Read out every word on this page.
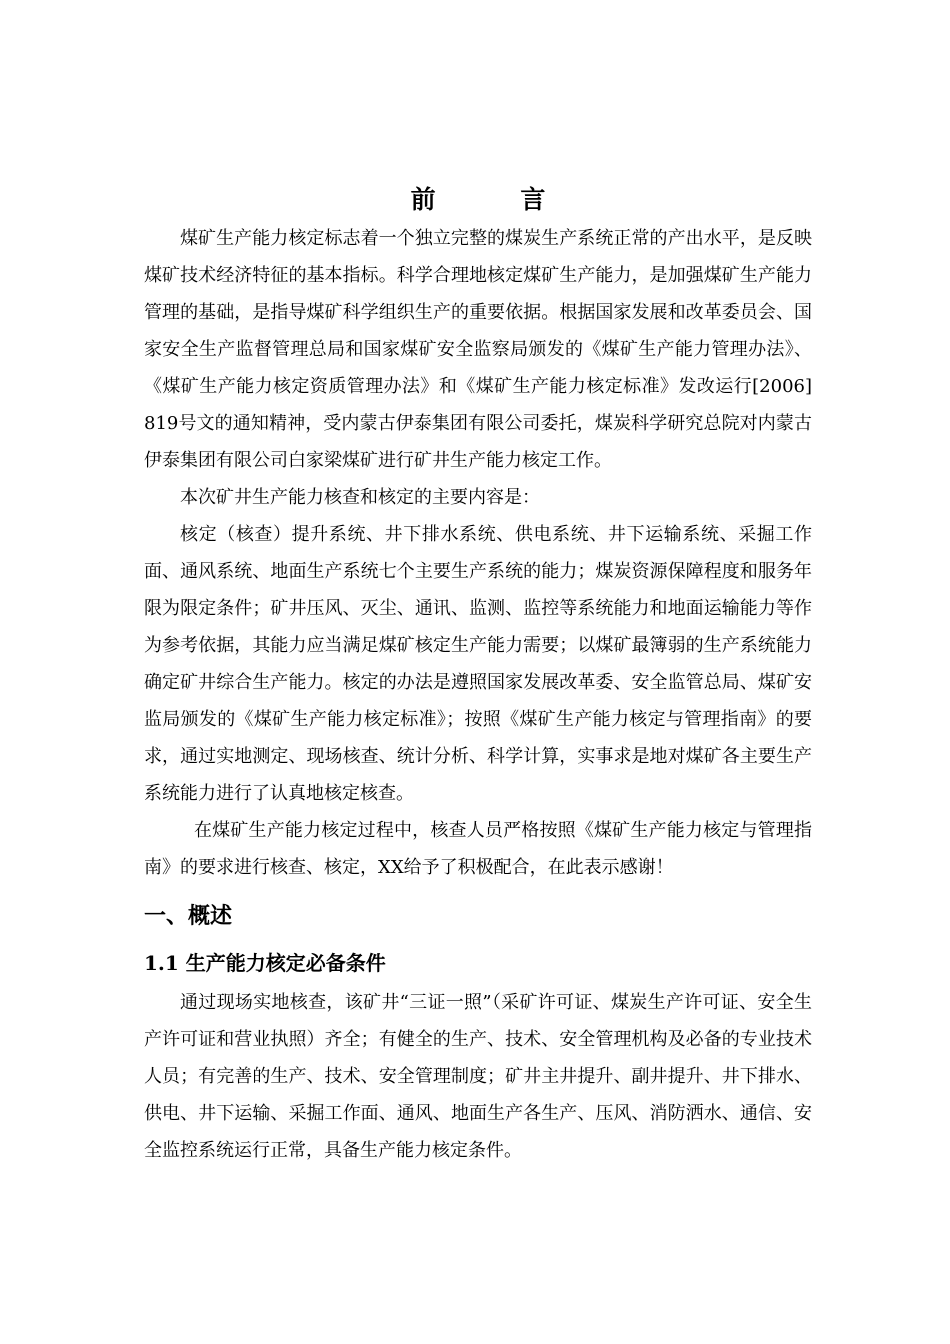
前 言

煤矿生产能力核定标志着一个独立完整的煤炭生产系统正常的产出水平，是反映煤矿技术经济特征的基本指标。科学合理地核定煤矿生产能力，是加强煤矿生产能力管理的基础，是指导煤矿科学组织生产的重要依据。根据国家发展和改革委员会、国家安全生产监督管理总局和国家煤矿安全监察局颁发的《煤矿生产能力管理办法》、《煤矿生产能力核定资质管理办法》和《煤矿生产能力核定标准》发改运行[2006] 819号文的通知精神，受内蒙古伊泰集团有限公司委托，煤炭科学研究总院对内蒙古伊泰集团有限公司白家梁煤矿进行矿井生产能力核定工作。

本次矿井生产能力核查和核定的主要内容是：

核定（核查）提升系统、井下排水系统、供电系统、井下运输系统、采掘工作面、通风系统、地面生产系统七个主要生产系统的能力；煤炭资源保障程度和服务年限为限定条件；矿井压风、灭尘、通讯、监测、监控等系统能力和地面运输能力等作为参考依据，其能力应当满足煤矿核定生产能力需要；以煤矿最簿弱的生产系统能力确定矿井综合生产能力。核定的办法是遵照国家发展改革委、安全监管总局、煤矿安监局颁发的《煤矿生产能力核定标准》；按照《煤矿生产能力核定与管理指南》的要求，通过实地测定、现场核查、统计分析、科学计算，实事求是地对煤矿各主要生产系统能力进行了认真地核定核查。

在煤矿生产能力核定过程中，核查人员严格按照《煤矿生产能力核定与管理指南》的要求进行核查、核定，XX给予了积极配合，在此表示感谢！

一、概述
1.1 生产能力核定必备条件

通过现场实地核查，该矿井“三证一照”（采矿许可证、煤炭生产许可证、安全生产许可证和营业执照）齐全；有健全的生产、技术、安全管理机构及必备的专业技术人员；有完善的生产、技术、安全管理制度；矿井主井提升、副井提升、井下排水、供电、井下运输、采掘工作面、通风、地面生产各生产、压风、消防洒水、通信、安全监控系统运行正常，具备生产能力核定条件。
